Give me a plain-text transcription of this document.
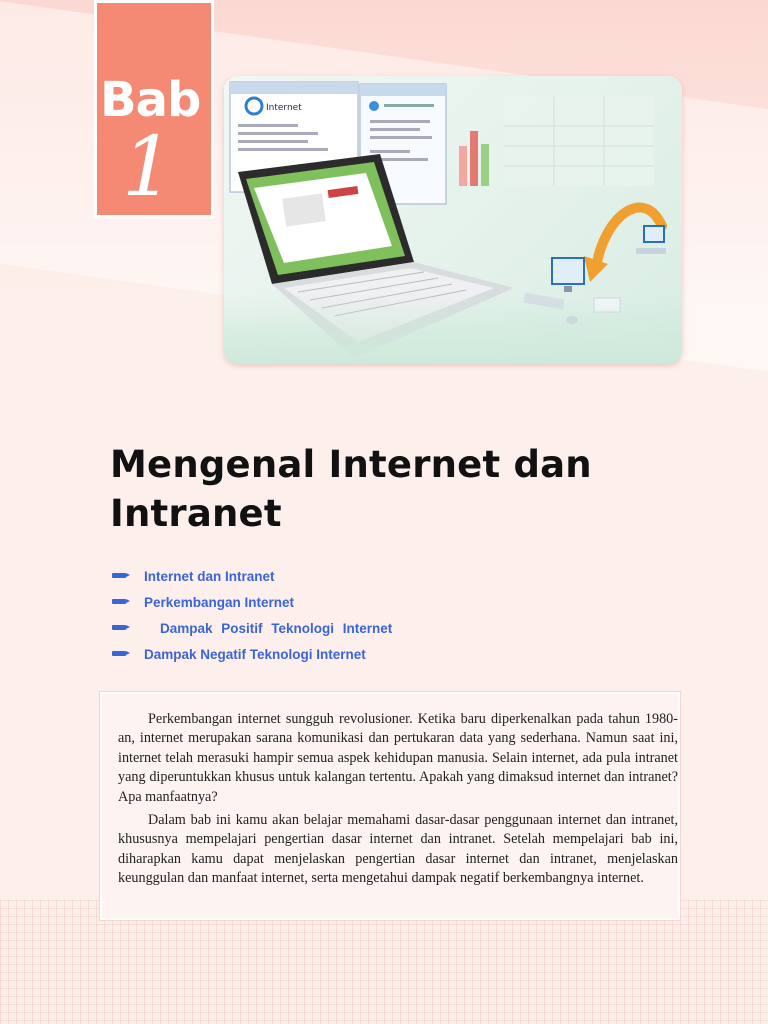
Bab
1
Internet
Mengenal Internet dan Intranet
Internet dan Intranet
Perkembangan Internet
Dampak Positif Teknologi Internet
Dampak Negatif Teknologi Internet

Perkembangan internet sungguh revolusioner. Ketika baru diperkenalkan pada tahun 1980-an, internet merupakan sarana komunikasi dan pertukaran data yang sederhana. Namun saat ini, internet telah merasuki hampir semua aspek kehidupan manusia. Selain internet, ada pula intranet yang diperuntukkan khusus untuk kalangan tertentu. Apakah yang dimaksud internet dan intranet? Apa manfaatnya?

Dalam bab ini kamu akan belajar memahami dasar-dasar penggunaan internet dan intranet, khususnya mempelajari pengertian dasar internet dan intranet. Setelah mempelajari bab ini, diharapkan kamu dapat menjelaskan pengertian dasar internet dan intranet, menjelaskan keunggulan dan manfaat internet, serta mengetahui dampak negatif berkembangnya internet.
